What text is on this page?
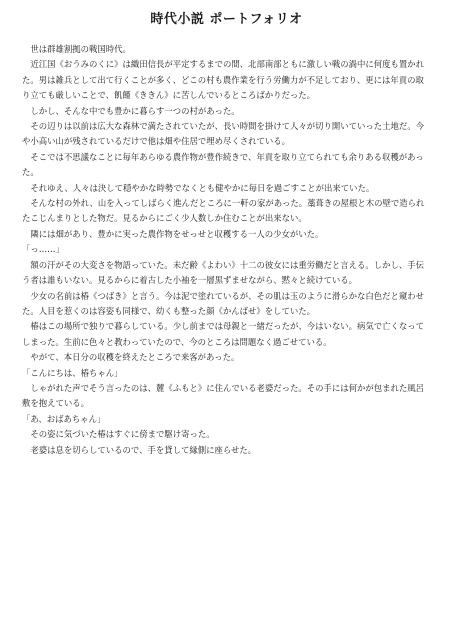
時代小説 ポートフォリオ

世は群雄割拠の戦国時代。

近江国《おうみのくに》は織田信長が平定するまでの間、北部南部ともに激しい戦の渦中に何度も置かれた。男は雑兵として出て行くことが多く、どこの村も農作業を行う労働力が不足しており、更には年貢の取り立ても厳しいことで、飢饉《ききん》に苦しんでいるところばかりだった。

しかし、そんな中でも豊かに暮らす一つの村があった。

その辺りは以前は広大な森林で満たされていたが、長い時間を掛けて人々が切り開いていった土地だ。今や小高い山が残されているだけで他は畑や住居で埋め尽くされている。

そこでは不思議なことに毎年あらゆる農作物が豊作続きで、年貢を取り立てられても余りある収穫があった。

それゆえ、人々は決して穏やかな時勢でなくとも健やかに毎日を過ごすことが出来ていた。

そんな村の外れ、山を入ってしばらく進んだところに一軒の家があった。藁葺きの屋根と木の壁で造られたこじんまりとした物だ。見るからにごく少人数しか住むことが出来ない。

隣には畑があり、豊かに実った農作物をせっせと収穫する一人の少女がいた。

「っ……」

額の汗がその大変さを物語っていた。未だ齢《よわい》十二の彼女には重労働だと言える。しかし、手伝う者は誰もいない。見るからに着古した小袖を一層黒ずませながら、黙々と続けている。

少女の名前は椿《つばき》と言う。今は泥で塗れているが、その肌は玉のように滑らかな白色だと窺わせた。人目を惹くのは容姿も同様で、幼くも整った顔《かんばせ》をしていた。

椿はこの場所で独りで暮らしている。少し前までは母親と一緒だったが、今はいない。病気で亡くなってしまった。生前に色々と教わっていたので、今のところは問題なく過ごせている。

やがて、本日分の収穫を終えたところで来客があった。

「こんにちは、椿ちゃん」

しゃがれた声でそう言ったのは、麓《ふもと》に住んでいる老婆だった。その手には何かが包まれた風呂敷を抱えている。

「あ、おばあちゃん」

その姿に気づいた椿はすぐに傍まで駆け寄った。

老婆は息を切らしているので、手を貸して縁側に座らせた。
